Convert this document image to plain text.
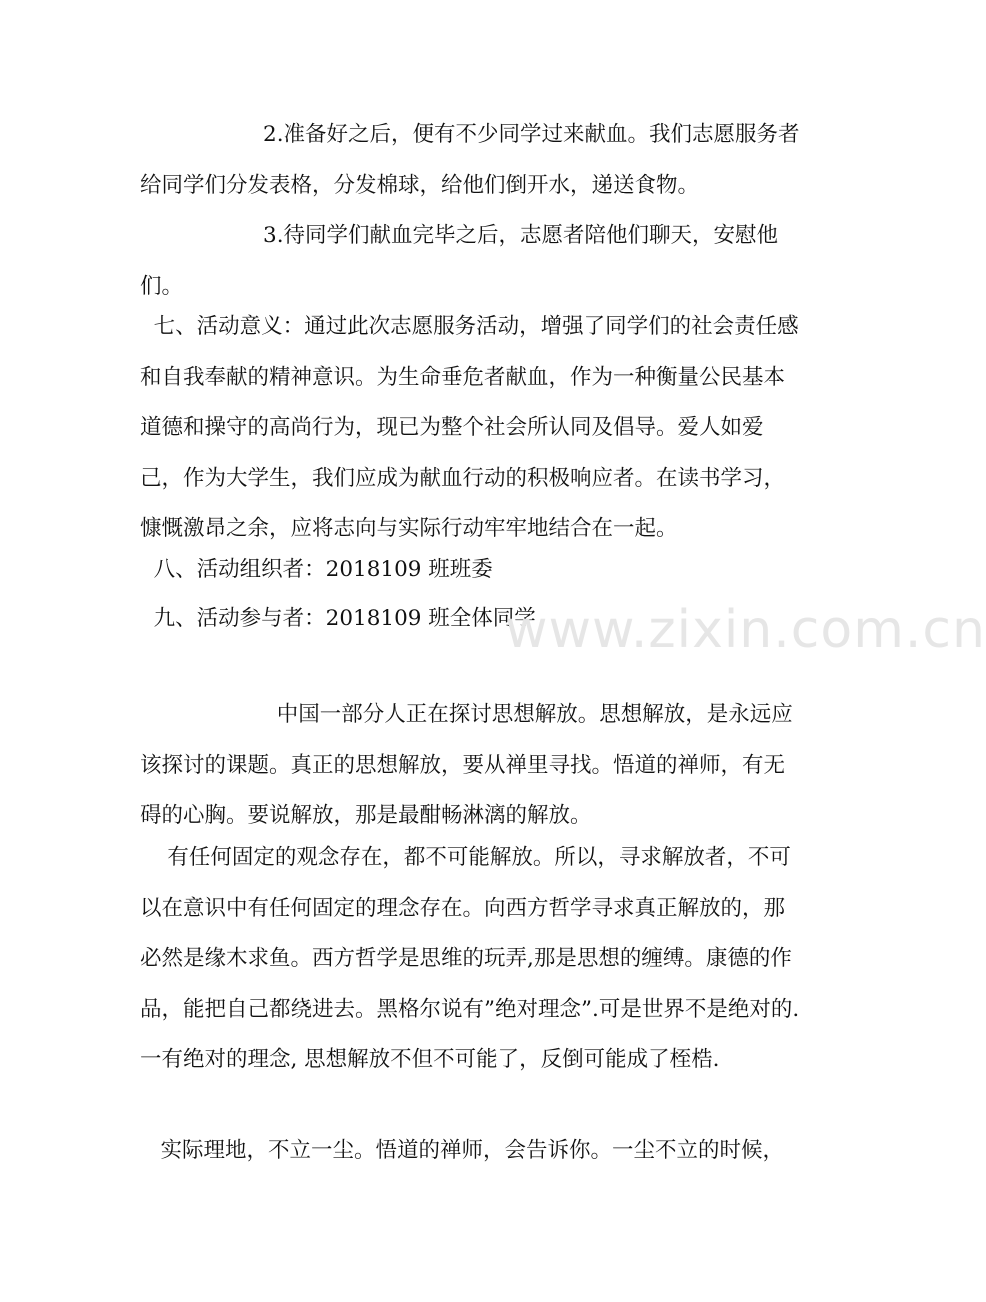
2.准备好之后，便有不少同学过来献血。我们志愿服务者给同学们分发表格，分发棉球，给他们倒开水，递送食物。

3.待同学们献血完毕之后，志愿者陪他们聊天，安慰他们。

七、活动意义：通过此次志愿服务活动，增强了同学们的社会责任感和自我奉献的精神意识。为生命垂危者献血，作为一种衡量公民基本道德和操守的高尚行为，现已为整个社会所认同及倡导。爱人如爱己，作为大学生，我们应成为献血行动的积极响应者。在读书学习，慷慨激昂之余，应将志向与实际行动牢牢地结合在一起。

八、活动组织者：2018109 班班委

九、活动参与者：2018109 班全体同学

中国一部分人正在探讨思想解放。思想解放，是永远应该探讨的课题。真正的思想解放，要从禅里寻找。悟道的禅师，有无碍的心胸。要说解放，那是最酣畅淋漓的解放。

有任何固定的观念存在，都不可能解放。所以，寻求解放者，不可以在意识中有任何固定的理念存在。向西方哲学寻求真正解放的，那必然是缘木求鱼。西方哲学是思维的玩弄,那是思想的缠缚。康德的作品，能把自己都绕进去。黑格尔说有”绝对理念”.可是世界不是绝对的.一有绝对的理念, 思想解放不但不可能了，反倒可能成了桎梏.

实际理地，不立一尘。悟道的禅师，会告诉你。一尘不立的时候，

www.zixin.com.cn
